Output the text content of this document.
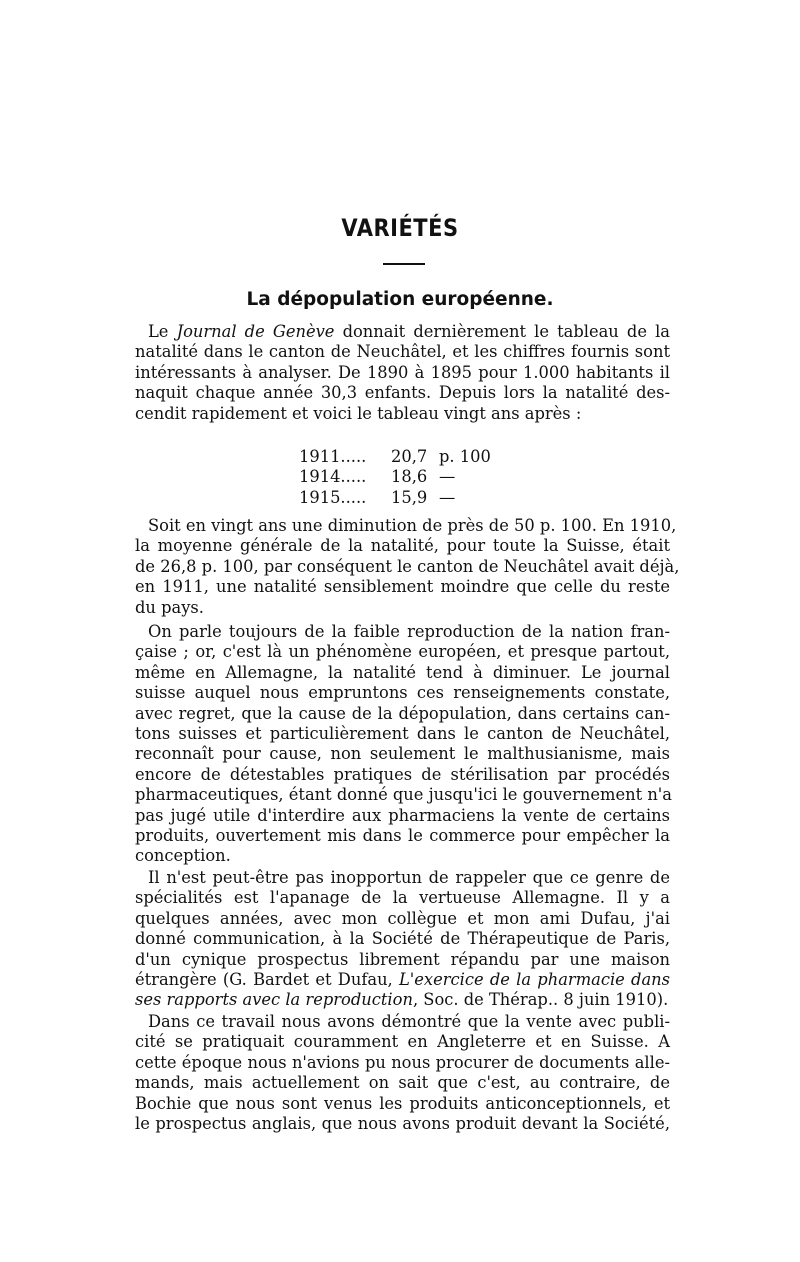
VARIÉTÉS
La dépopulation européenne.

Le Journal de Genève donnait dernièrement le tableau de la
natalité dans le canton de Neuchâtel, et les chiffres fournis sont
intéressants à analyser. De 1890 à 1895 pour 1.000 habitants il
naquit chaque année 30,3 enfants. Depuis lors la natalité des-
cendit rapidement et voici le tableau vingt ans après :

1911.....	20,7 p. 100
1914.....	18,6 —
1915.....	15,9 —

Soit en vingt ans une diminution de près de 50 p. 100. En 1910,
la moyenne générale de la natalité, pour toute la Suisse, était
de 26,8 p. 100, par conséquent le canton de Neuchâtel avait déjà,
en 1911, une natalité sensiblement moindre que celle du reste
du pays.

On parle toujours de la faible reproduction de la nation fran-
çaise ; or, c'est là un phénomène européen, et presque partout,
même en Allemagne, la natalité tend à diminuer. Le journal
suisse auquel nous empruntons ces renseignements constate,
avec regret, que la cause de la dépopulation, dans certains can-
tons suisses et particulièrement dans le canton de Neuchâtel,
reconnaît pour cause, non seulement le malthusianisme, mais
encore de détestables pratiques de stérilisation par procédés
pharmaceutiques, étant donné que jusqu'ici le gouvernement n'a
pas jugé utile d'interdire aux pharmaciens la vente de certains
produits, ouvertement mis dans le commerce pour empêcher la
conception.

Il n'est peut-être pas inopportun de rappeler que ce genre de
spécialités est l'apanage de la vertueuse Allemagne. Il y a
quelques années, avec mon collègue et mon ami Dufau, j'ai
donné communication, à la Société de Thérapeutique de Paris,
d'un cynique prospectus librement répandu par une maison
étrangère (G. Bardet et Dufau, L'exercice de la pharmacie dans
ses rapports avec la reproduction, Soc. de Thérap.. 8 juin 1910).

Dans ce travail nous avons démontré que la vente avec publi-
cité se pratiquait couramment en Angleterre et en Suisse. A
cette époque nous n'avions pu nous procurer de documents alle-
mands, mais actuellement on sait que c'est, au contraire, de
Bochie que nous sont venus les produits anticonceptionnels, et
le prospectus anglais, que nous avons produit devant la Société,
